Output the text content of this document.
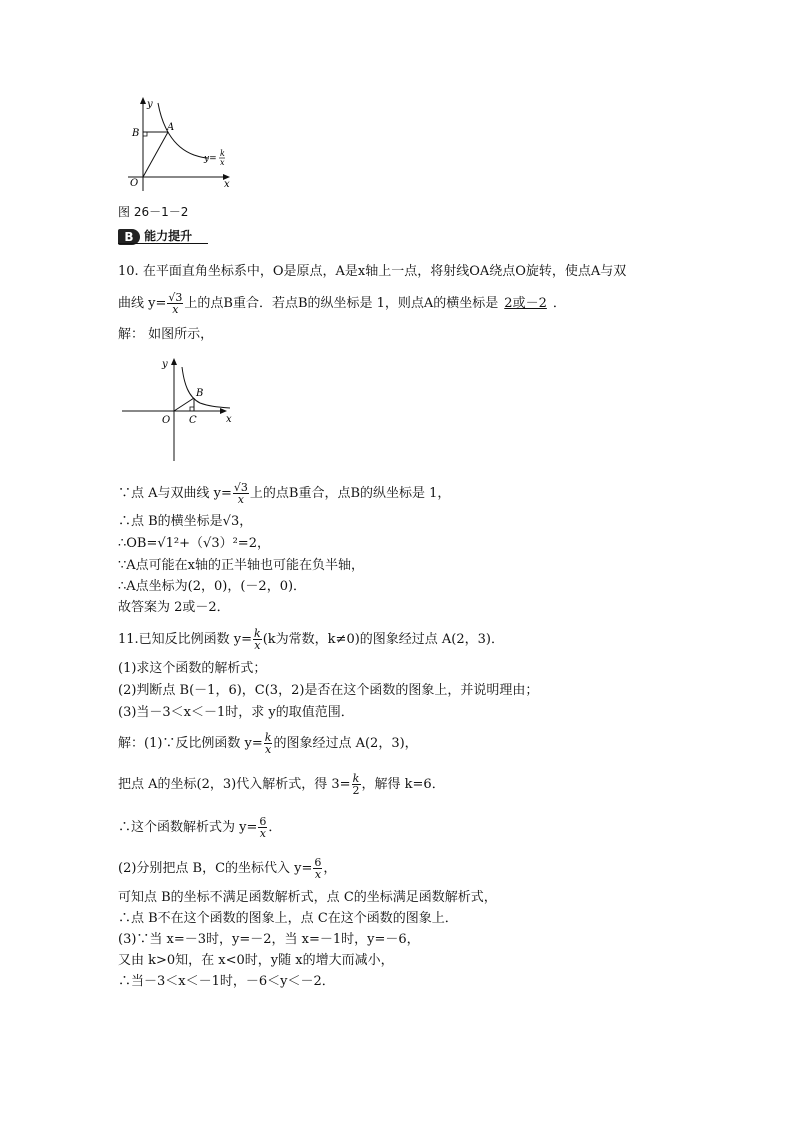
y
x
O
A
B
y=
k
x
图 26－1－2
B 能力提升
10. 在平面直角坐标系中，O是原点，A是x轴上一点，将射线OA绕点O旋转，使点A与双
曲线 $y= \frac{√3}{x}$ 上的点B重合．若点B的纵坐标是 1，则点A的横坐标是 2或－2 ．
解： 如图所示，
y
x
O
B
C
∵点 A与双曲线 $y= \frac{√3}{x}$ 上的点B重合，点B的纵坐标是 1，
∴点 B的横坐标是√3，
∴OB=√1²+（√3）²=2，
∵A点可能在x轴的正半轴也可能在负半轴，
∴A点坐标为(2，0)，(－2，0)．
故答案为 2或－2．
11.已知反比例函数 $y= \frac{k}{x} (k$为常数，k≠0)的图象经过点 A(2，3)．
(1)求这个函数的解析式；
(2)判断点 B(－1，6)，C(3，2)是否在这个函数的图象上，并说明理由；
(3)当－3＜x＜－1时，求 y的取值范围．
解：(1)∵反比例函数 $y= \frac{k}{x}$ 的图象经过点 A(2，3)，
把点 A的坐标(2，3)代入解析式，得 $3= \frac{k}{2}$ ，解得 k=6．
∴这个函数解析式为 $y= \frac{6}{x}$ ．
(2)分别把点 B，C的坐标代入 $y= \frac{6}{x}$ ，
可知点 B的坐标不满足函数解析式，点 C的坐标满足函数解析式，
∴点 B不在这个函数的图象上，点 C在这个函数的图象上．
(3)∵当 x=－3时，y=－2，当 x=－1时，y=－6，
又由 k>0知，在 x<0时，y随 x的增大而减小，
∴当－3＜x＜－1时，－6＜y＜－2．
